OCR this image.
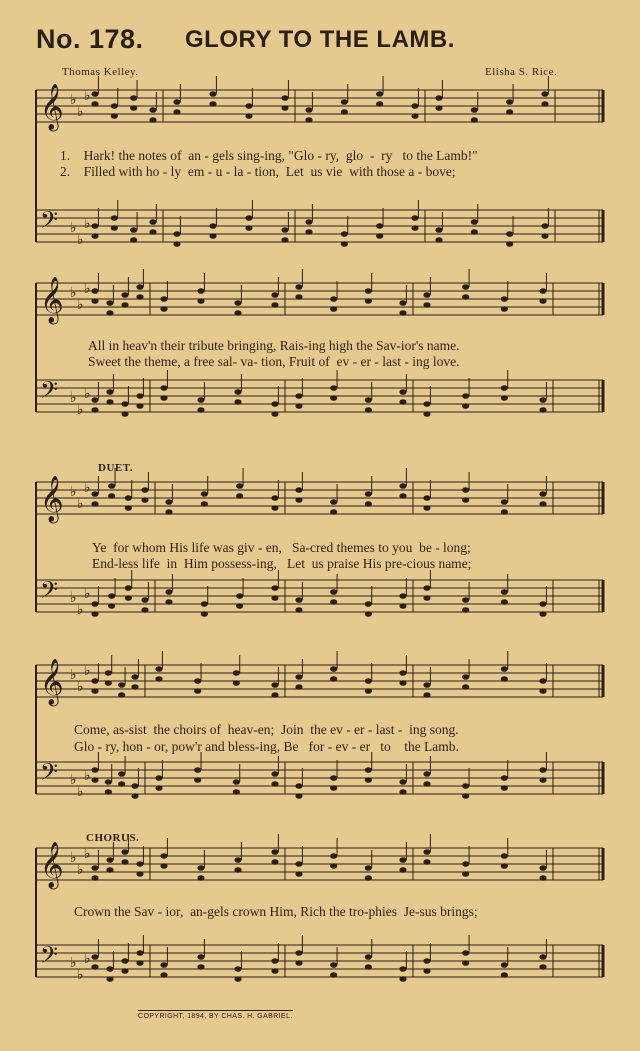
No. 178. GLORY TO THE LAMB.
Thomas Kelley.	Elisha S. Rice.
𝄞 ♭
♭
♭
𝄢 ♭
♭
♭
𝄞 ♭
♭
♭
𝄢 ♭
♭
♭
𝄞 ♭
♭
♭
𝄢 ♭
♭
♭
𝄞 ♭
♭
♭
𝄢 ♭
♭
♭
𝄞 ♭
♭
♭
𝄢 ♭
♭
♭
DUET.
CHORUS.
1.    Hark! the notes of  an - gels sing-ing, "Glo - ry,  glo  -  ry   to the Lamb!"
2.    Filled with ho - ly  em - u - la - tion,  Let  us vie  with those a - bove;
All in heav'n their tribute bringing, Rais-ing high the Sav-ior's name.
Sweet the theme, a free sal- va- tion, Fruit of  ev - er - last - ing love.
Ye  for whom His life was giv - en,   Sa-cred themes to you  be - long;
End-less life  in  Him possess-ing,   Let  us praise His pre-cious name;
Come, as-sist  the choirs of  heav-en;  Join  the ev - er - last -  ing song.
Glo - ry, hon - or, pow'r and bless-ing, Be   for - ev - er   to    the Lamb.
Crown the Sav - ior,  an-gels crown Him, Rich the tro-phies  Je-sus brings;
COPYRIGHT, 1894, BY CHAS. H. GABRIEL.
